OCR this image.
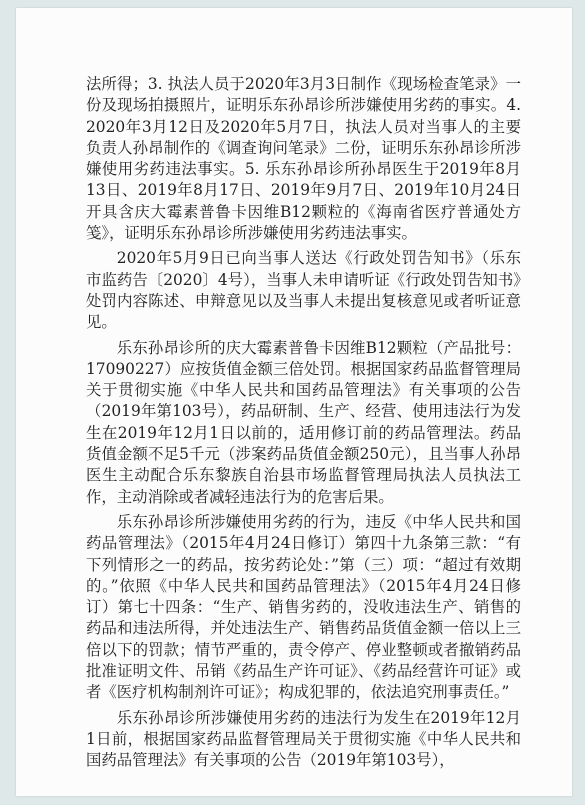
法所得；3. 执法人员于2020年3月3日制作《现场检查笔录》一份及现场拍摄照片，证明乐东孙昂诊所涉嫌使用劣药的事实。4. 2020年3月12日及2020年5月7日，执法人员对当事人的主要负责人孙昂制作的《调查询问笔录》二份，证明乐东孙昂诊所涉嫌使用劣药违法事实。5. 乐东孙昂诊所孙昂医生于2019年8月13日、2019年8月17日、2019年9月7日、2019年10月24日开具含庆大霉素普鲁卡因维B12颗粒的《海南省医疗普通处方笺》，证明乐东孙昂诊所涉嫌使用劣药违法事实。

2020年5月9日已向当事人送达《行政处罚告知书》（乐东市监药告〔2020〕4号），当事人未申请听证《行政处罚告知书》处罚内容陈述、申辩意见以及当事人未提出复核意见或者听证意见。

乐东孙昂诊所的庆大霉素普鲁卡因维B12颗粒（产品批号：17090227）应按货值金额三倍处罚。根据国家药品监督管理局关于贯彻实施《中华人民共和国药品管理法》有关事项的公告（2019年第103号），药品研制、生产、经营、使用违法行为发生在2019年12月1日以前的，适用修订前的药品管理法。药品货值金额不足5千元（涉案药品货值金额250元），且当事人孙昂医生主动配合乐东黎族自治县市场监督管理局执法人员执法工作，主动消除或者减轻违法行为的危害后果。

乐东孙昂诊所涉嫌使用劣药的行为，违反《中华人民共和国药品管理法》（2015年4月24日修订）第四十九条第三款：“有下列情形之一的药品，按劣药论处：”第（三）项：“超过有效期的。”依照《中华人民共和国药品管理法》（2015年4月24日修订）第七十四条：“生产、销售劣药的，没收违法生产、销售的药品和违法所得，并处违法生产、销售药品货值金额一倍以上三倍以下的罚款；情节严重的，责令停产、停业整顿或者撤销药品批准证明文件、吊销《药品生产许可证》、《药品经营许可证》或者《医疗机构制剂许可证》；构成犯罪的，依法追究刑事责任。”

乐东孙昂诊所涉嫌使用劣药的违法行为发生在2019年12月1日前，根据国家药品监督管理局关于贯彻实施《中华人民共和国药品管理法》有关事项的公告（2019年第103号），
